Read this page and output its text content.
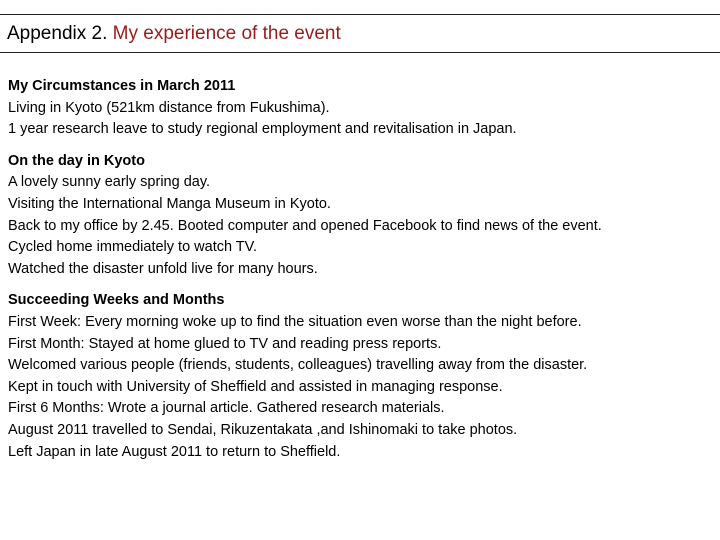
Appendix 2. My experience of the event
My Circumstances in March 2011
Living in Kyoto (521km distance from Fukushima).
1 year research leave to study regional employment and revitalisation in Japan.
On the day in Kyoto
A lovely sunny early spring day.
Visiting the International Manga Museum in Kyoto.
Back to my office by 2.45. Booted computer and opened Facebook to find news of the event.
Cycled home immediately to watch TV.
Watched the disaster unfold live for many hours.
Succeeding Weeks and Months
First Week: Every morning woke up to find the situation even worse than the night before.
First Month: Stayed at home glued to TV and reading press reports.
Welcomed various people (friends, students, colleagues) travelling away from the disaster.
Kept in touch with University of Sheffield and assisted in managing response.
First 6 Months: Wrote a journal article. Gathered research materials.
August 2011 travelled to Sendai, Rikuzentakata ,and Ishinomaki to take photos.
Left Japan in late August 2011 to return to Sheffield.
